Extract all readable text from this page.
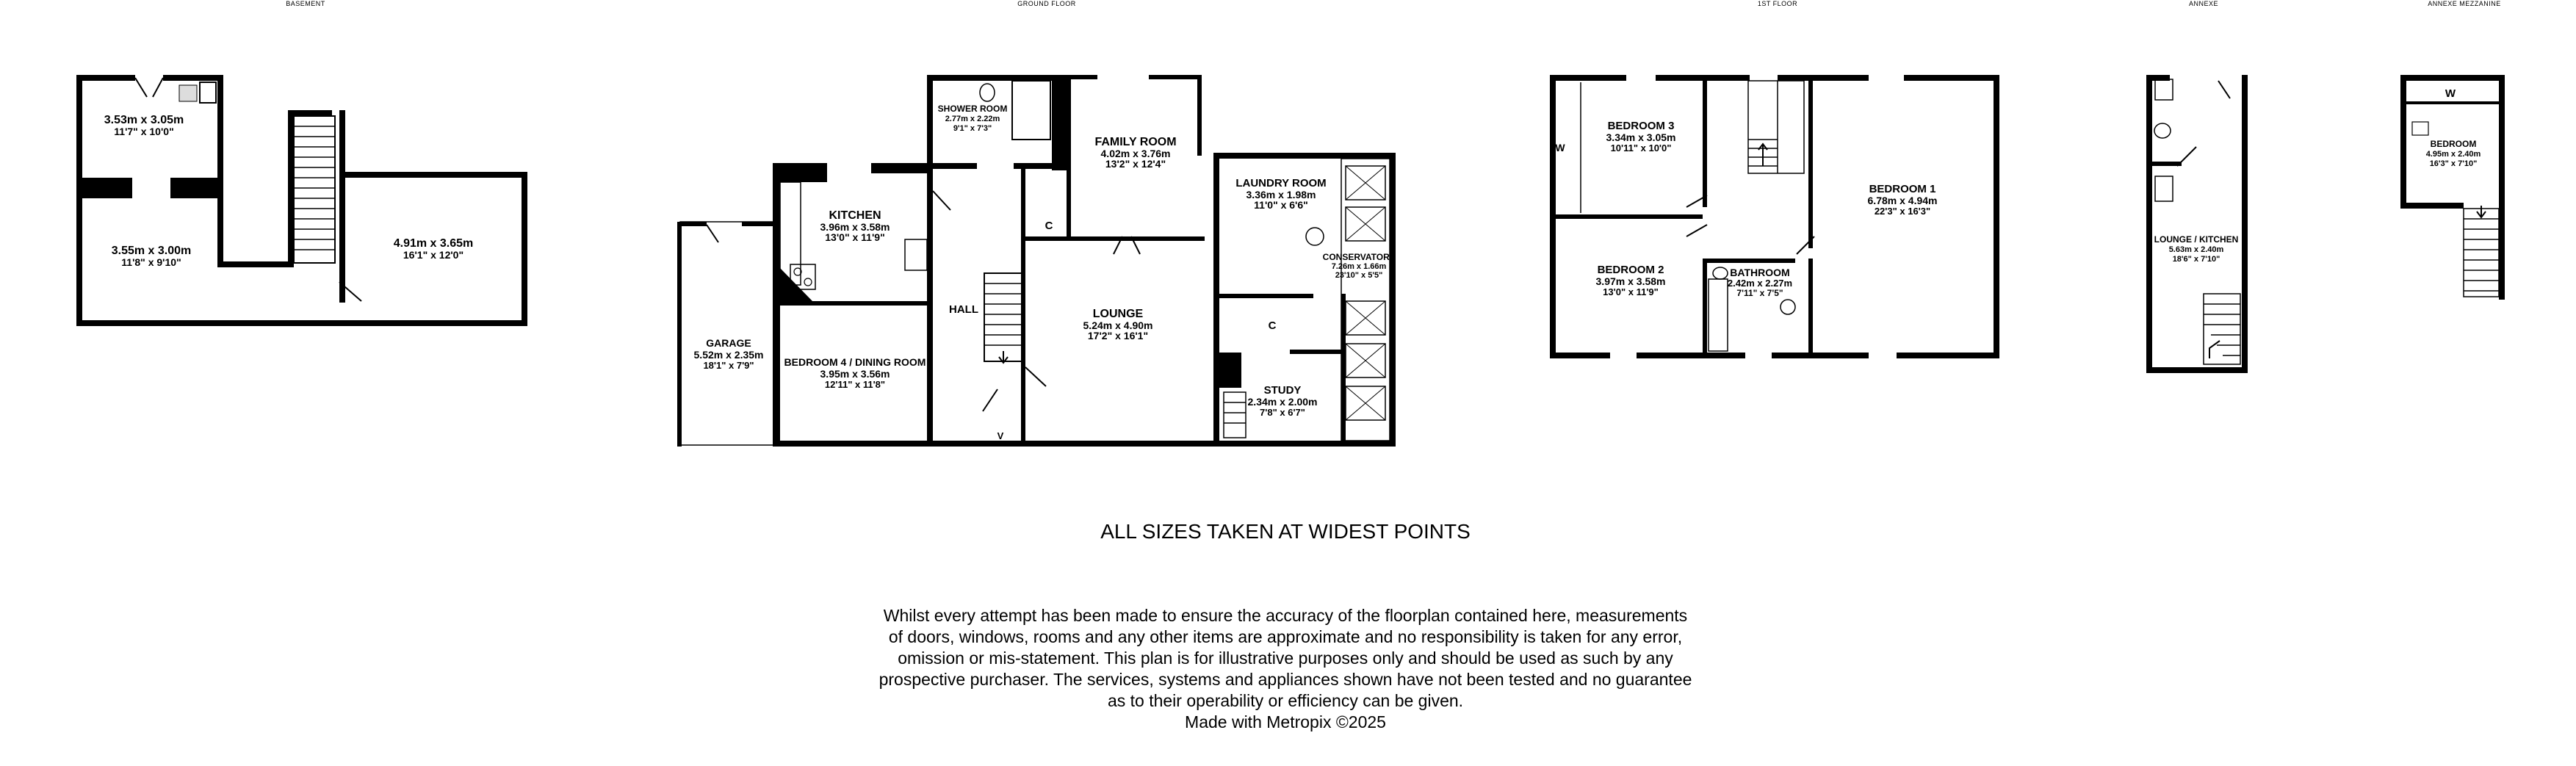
BASEMENT	GROUND FLOOR	1ST FLOOR	ANNEXE	ANNEXE MEZZANINE
3.53m x 3.05m
11'7" x 10'0"
3.55m x 3.00m
11'8" x 9'10"
4.91m x 3.65m
16'1" x 12'0"
KITCHEN
3.96m x 3.58m
13'0" x 11'9"
SHOWER ROOM
2.77m x 2.22m
9'1" x 7'3"
FAMILY ROOM
4.02m x 3.76m
13'2" x 12'4"
C
HALL	LOUNGE
5.24m x 4.90m
17'2" x 16'1"
LAUNDRY ROOM
3.36m x 1.98m
11'0" x 6'6"
CONSERVATORY
7.26m x 1.66m
23'10" x 5'5"
C
STUDY
2.34m x 2.00m
7'8" x 6'7"
GARAGE
5.52m x 2.35m
18'1" x 7'9"	BEDROOM 4 / DINING ROOM
3.95m x 3.56m
12'11" x 11'8"
V
W
BEDROOM 3
3.34m x 3.05m
10'11" x 10'0"
BEDROOM 1
6.78m x 4.94m
22'3" x 16'3"
BEDROOM 2
3.97m x 3.58m
13'0" x 11'9"
BATHROOM
2.42m x 2.27m
7'11" x 7'5"
LOUNGE / KITCHEN
5.63m x 2.40m
18'6" x 7'10"
W
BEDROOM
4.95m x 2.40m
16'3" x 7'10"
ALL SIZES TAKEN AT WIDEST POINTS
Whilst every attempt has been made to ensure the accuracy of the floorplan contained here, measurements
of doors, windows, rooms and any other items are approximate and no responsibility is taken for any error,
omission or mis-statement. This plan is for illustrative purposes only and should be used as such by any
prospective purchaser. The services, systems and appliances shown have not been tested and no guarantee
as to their operability or efficiency can be given.
Made with Metropix ©2025
